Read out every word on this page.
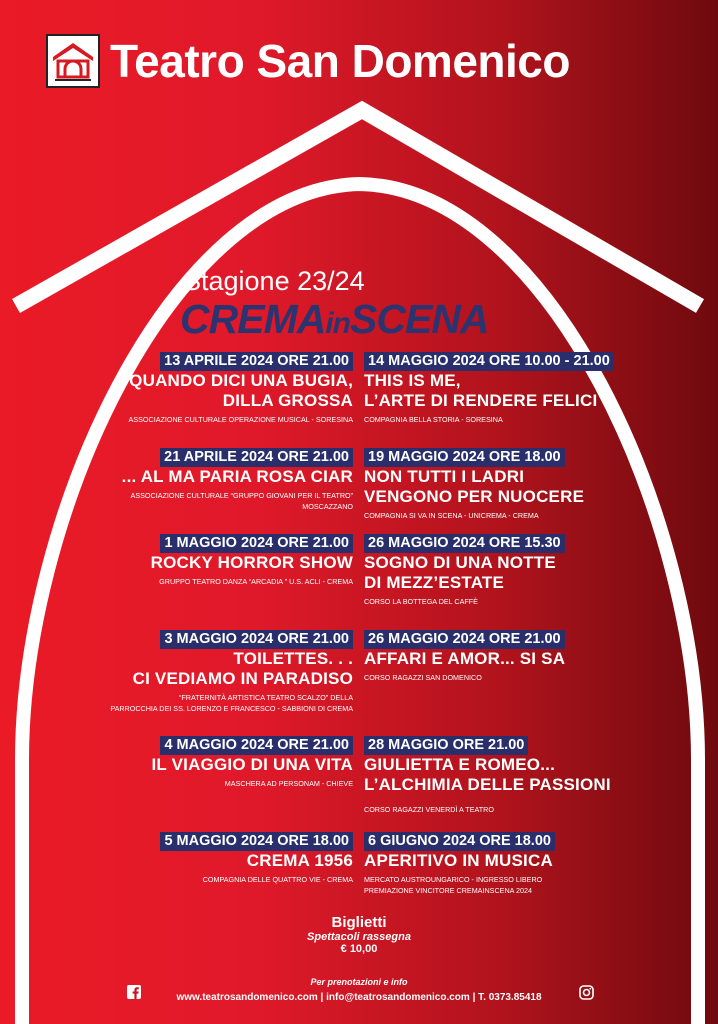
Teatro San Domenico
Stagione 23/24
CREMAinSCENA
13 APRILE 2024 ORE 21.00
QUANDO DICI UNA BUGIA,
DILLA GROSSA
ASSOCIAZIONE CULTURALE OPERAZIONE MUSICAL - SORESINA
21 APRILE 2024 ORE 21.00
... AL MA PARIA ROSA CIAR
ASSOCIAZIONE CULTURALE “GRUPPO GIOVANI PER IL TEATRO”
MOSCAZZANO
1 MAGGIO 2024 ORE 21.00
ROCKY HORROR SHOW
GRUPPO TEATRO DANZA “ARCADIA ” U.S. ACLI - CREMA
3 MAGGIO 2024 ORE 21.00
TOILETTES. . .
CI VEDIAMO IN PARADISO
“FRATERNITÀ ARTISTICA TEATRO SCALZO” DELLA
PARROCCHIA DEI SS. LORENZO E FRANCESCO - SABBIONI DI CREMA
4 MAGGIO 2024 ORE 21.00
IL VIAGGIO DI UNA VITA
MASCHERA AD PERSONAM - CHIEVE
5 MAGGIO 2024 ORE 18.00
CREMA 1956
COMPAGNIA DELLE QUATTRO VIE - CREMA
14 MAGGIO 2024 ORE 10.00 - 21.00
THIS IS ME,
L’ARTE DI RENDERE FELICI
COMPAGNIA BELLA STORIA - SORESINA
19 MAGGIO 2024 ORE 18.00
NON TUTTI I LADRI
VENGONO PER NUOCERE
COMPAGNIA SI VA IN SCENA - UNICREMA - CREMA
26 MAGGIO 2024 ORE 15.30
SOGNO DI UNA NOTTE
DI MEZZ’ESTATE
CORSO LA BOTTEGA DEL CAFFÈ
26 MAGGIO 2024 ORE 21.00
AFFARI E AMOR... SI SA
CORSO RAGAZZI SAN DOMENICO
28 MAGGIO ORE 21.00
GIULIETTA E ROMEO...
L’ALCHIMIA DELLE PASSIONI
CORSO RAGAZZI VENERDÌ A TEATRO
6 GIUGNO 2024 ORE 18.00
APERITIVO IN MUSICA
MERCATO AUSTROUNGARICO - INGRESSO LIBERO
PREMIAZIONE VINCITORE CREMAINSCENA 2024
Biglietti
Spettacoli rassegna
€ 10,00
Per prenotazioni e info
www.teatrosandomenico.com | info@teatrosandomenico.com | T. 0373.85418
